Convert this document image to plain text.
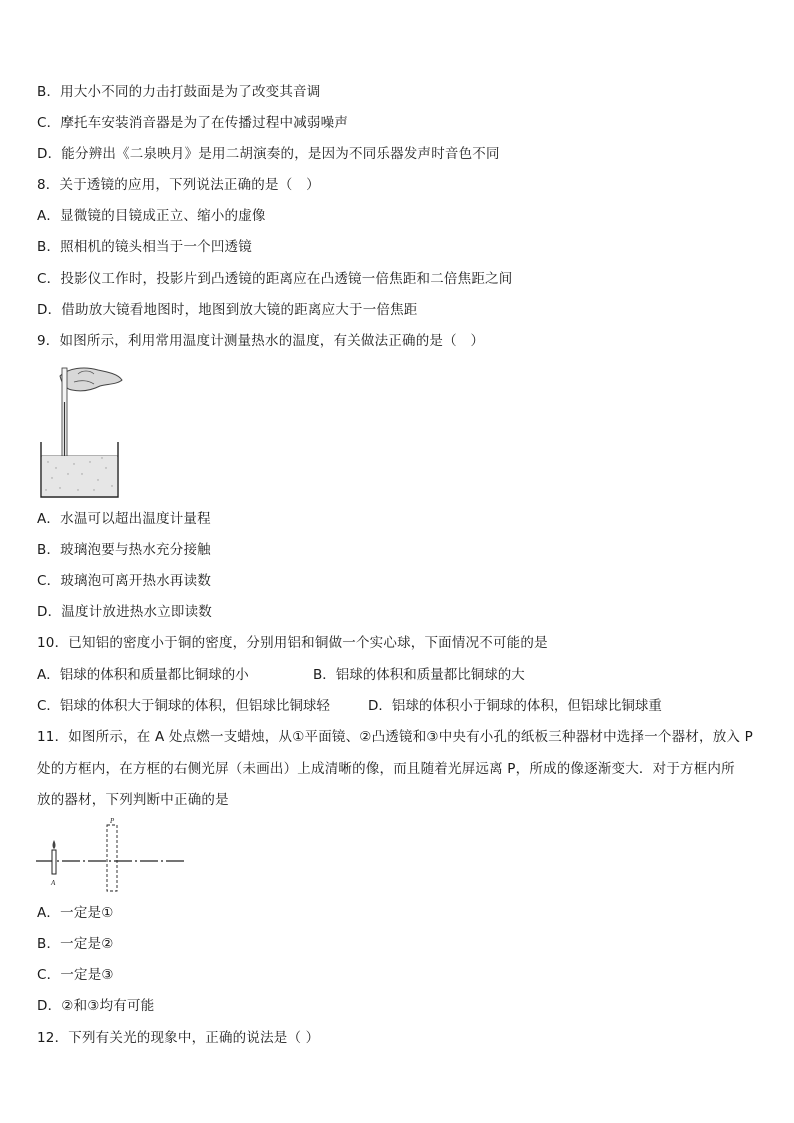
B．用大小不同的力击打鼓面是为了改变其音调
C．摩托车安装消音器是为了在传播过程中减弱噪声
D．能分辨出《二泉映月》是用二胡演奏的，是因为不同乐器发声时音色不同
8．关于透镜的应用，下列说法正确的是（　）
A．显微镜的目镜成正立、缩小的虚像
B．照相机的镜头相当于一个凹透镜
C．投影仪工作时，投影片到凸透镜的距离应在凸透镜一倍焦距和二倍焦距之间
D．借助放大镜看地图时，地图到放大镜的距离应大于一倍焦距
9．如图所示，利用常用温度计测量热水的温度，有关做法正确的是（　）
A．水温可以超出温度计量程
B．玻璃泡要与热水充分接触
C．玻璃泡可离开热水再读数
D．温度计放进热水立即读数
10．已知铝的密度小于铜的密度，分别用铝和铜做一个实心球，下面情况不可能的是
A．铝球的体积和质量都比铜球的小	B．铝球的体积和质量都比铜球的大
C．铝球的体积大于铜球的体积，但铝球比铜球轻	D．铝球的体积小于铜球的体积，但铝球比铜球重
11．如图所示，在 A 处点燃一支蜡烛，从①平面镜、②凸透镜和③中央有小孔的纸板三种器材中选择一个器材，放入 P
处的方框内，在方框的右侧光屏（未画出）上成清晰的像，而且随着光屏远离 P，所成的像逐渐变大．对于方框内所
放的器材，下列判断中正确的是
P
A
A．一定是①
B．一定是②
C．一定是③
D．②和③均有可能
12．下列有关光的现象中，正确的说法是（ ）
